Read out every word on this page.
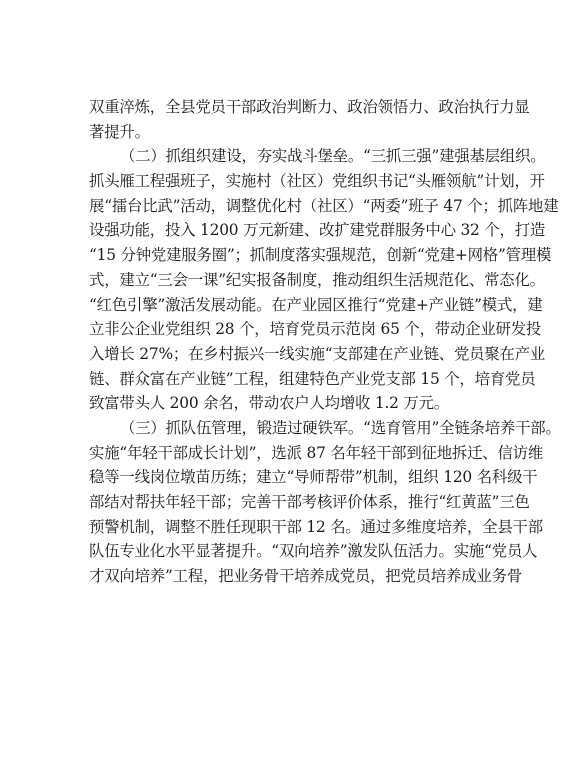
双重淬炼，全县党员干部政治判断力、政治领悟力、政治执行力显
著提升。
（二）抓组织建设，夯实战斗堡垒。“三抓三强”建强基层组织。
抓头雁工程强班子，实施村（社区）党组织书记“头雁领航”计划，开
展“擂台比武”活动，调整优化村（社区）“两委”班子 47 个；抓阵地建
设强功能，投入 1200 万元新建、改扩建党群服务中心 32 个，打造
“15 分钟党建服务圈”；抓制度落实强规范，创新“党建+网格”管理模
式，建立“三会一课”纪实报备制度，推动组织生活规范化、常态化。
“红色引擎”激活发展动能。在产业园区推行“党建+产业链”模式，建
立非公企业党组织 28 个，培育党员示范岗 65 个，带动企业研发投
入增长 27%；在乡村振兴一线实施“支部建在产业链、党员聚在产业
链、群众富在产业链”工程，组建特色产业党支部 15 个，培育党员
致富带头人 200 余名，带动农户人均增收 1.2 万元。
（三）抓队伍管理，锻造过硬铁军。“选育管用”全链条培养干部。
实施“年轻干部成长计划”，选派 87 名年轻干部到征地拆迁、信访维
稳等一线岗位墩苗历练；建立“导师帮带”机制，组织 120 名科级干
部结对帮扶年轻干部；完善干部考核评价体系，推行“红黄蓝”三色
预警机制，调整不胜任现职干部 12 名。通过多维度培养，全县干部
队伍专业化水平显著提升。“双向培养”激发队伍活力。实施“党员人
才双向培养”工程，把业务骨干培养成党员，把党员培养成业务骨
